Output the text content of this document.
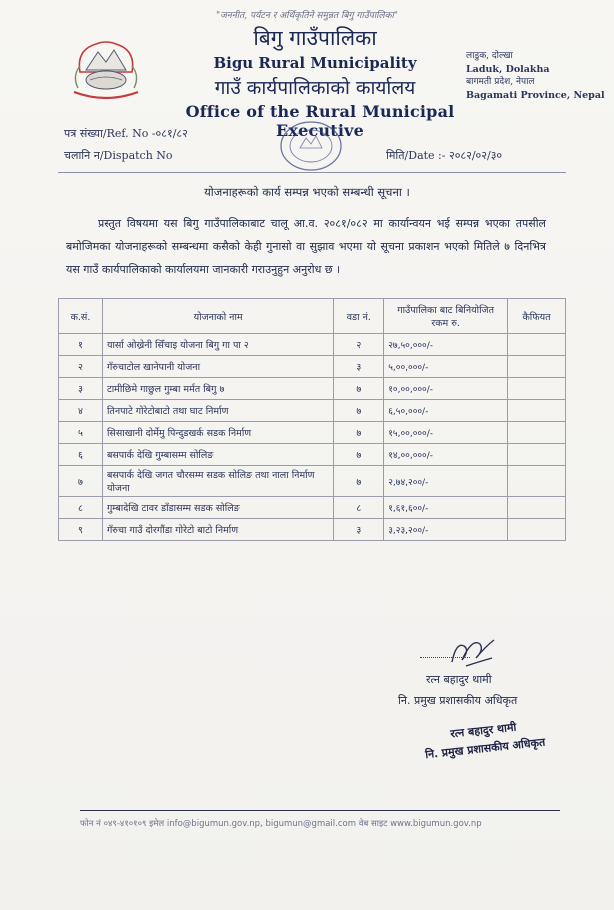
"जननीत, पर्यटन र अर्थिकृतिने समुन्नत बिगु गाउँपालिका"
बिगु गाउँपालिका
Bigu Rural Municipality
गाउँ कार्यपालिकाको कार्यालय
Office of the Rural Municipal Executive
लाडुक, दोल्खा
Laduk, Dolakha
बागमती प्रदेश, नेपाल
Bagamati Province, Nepal
पत्र संख्या/Ref. No -०८१/८२
चलानि न/Dispatch No	मिति/Date :- २०८२/०२/३०
योजनाहरूको कार्य सम्पन्न भएको सम्बन्धी सूचना ।
प्रस्तुत विषयमा यस बिगु गाउँपालिकाबाट चालू आ.व. २०८१/०८२ मा कार्यान्वयन भई सम्पन्न भएका तपसील बमोजिमका योजनाहरूको सम्बन्धमा कसैको केही गुनासो वा सुझाव भएमा यो सूचना प्रकाशन भएको मितिले ७ दिनभित्र यस गाउँ कार्यपालिकाको कार्यालयमा जानकारी गराउनुहुन अनुरोध छ ।
क.सं.	योजनाको नाम	वडा नं.	गाउँपालिका बाट बिनियोजित रकम रु.	कैफियत
१	यार्सा ओख्रेनी सिँचाइ योजना बिगु गा पा २	२	२७,५०,०००/-	
२	गँरुचाटोल खानेपानी योजना	३	५,००,०००/-	
३	टामीछिमे गाछुल गुम्बा मर्मत बिगु ७	७	१०,००,०००/-	
४	तिनपाटे गोरेटोबाटो तथा घाट निर्माण	७	६,५०,०००/-	
५	सिसाखानी दोर्मेमु पिन्दुडखर्क सडक निर्माण	७	१५,००,०००/-	
६	बसपार्क देखि गुम्बासम्म सोलिङ	७	१४,००,०००/-	
७	बसपार्क देखि जगत चौरसम्म सडक सोलिङ तथा नाला निर्माण योजना	७	२,७४,२००/-	
८	गुम्बादेखि टावर डाँडासम्म सडक सोलिङ	८	१,६१,६००/-	
९	गँरुचा गाउँ दोरगौंडा गोरेटो बाटो निर्माण	३	३,२३,२००/-	
रत्न बहादुर थामी
नि. प्रमुख प्रशासकीय अधिकृत
रत्न बहादुर थामी
नि. प्रमुख प्रशासकीय अधिकृत
फोन नं ०४९-४१०१०९ इमेल info@bigumun.gov.np, bigumun@gmail.com वेब साइट www.bigumun.gov.np
